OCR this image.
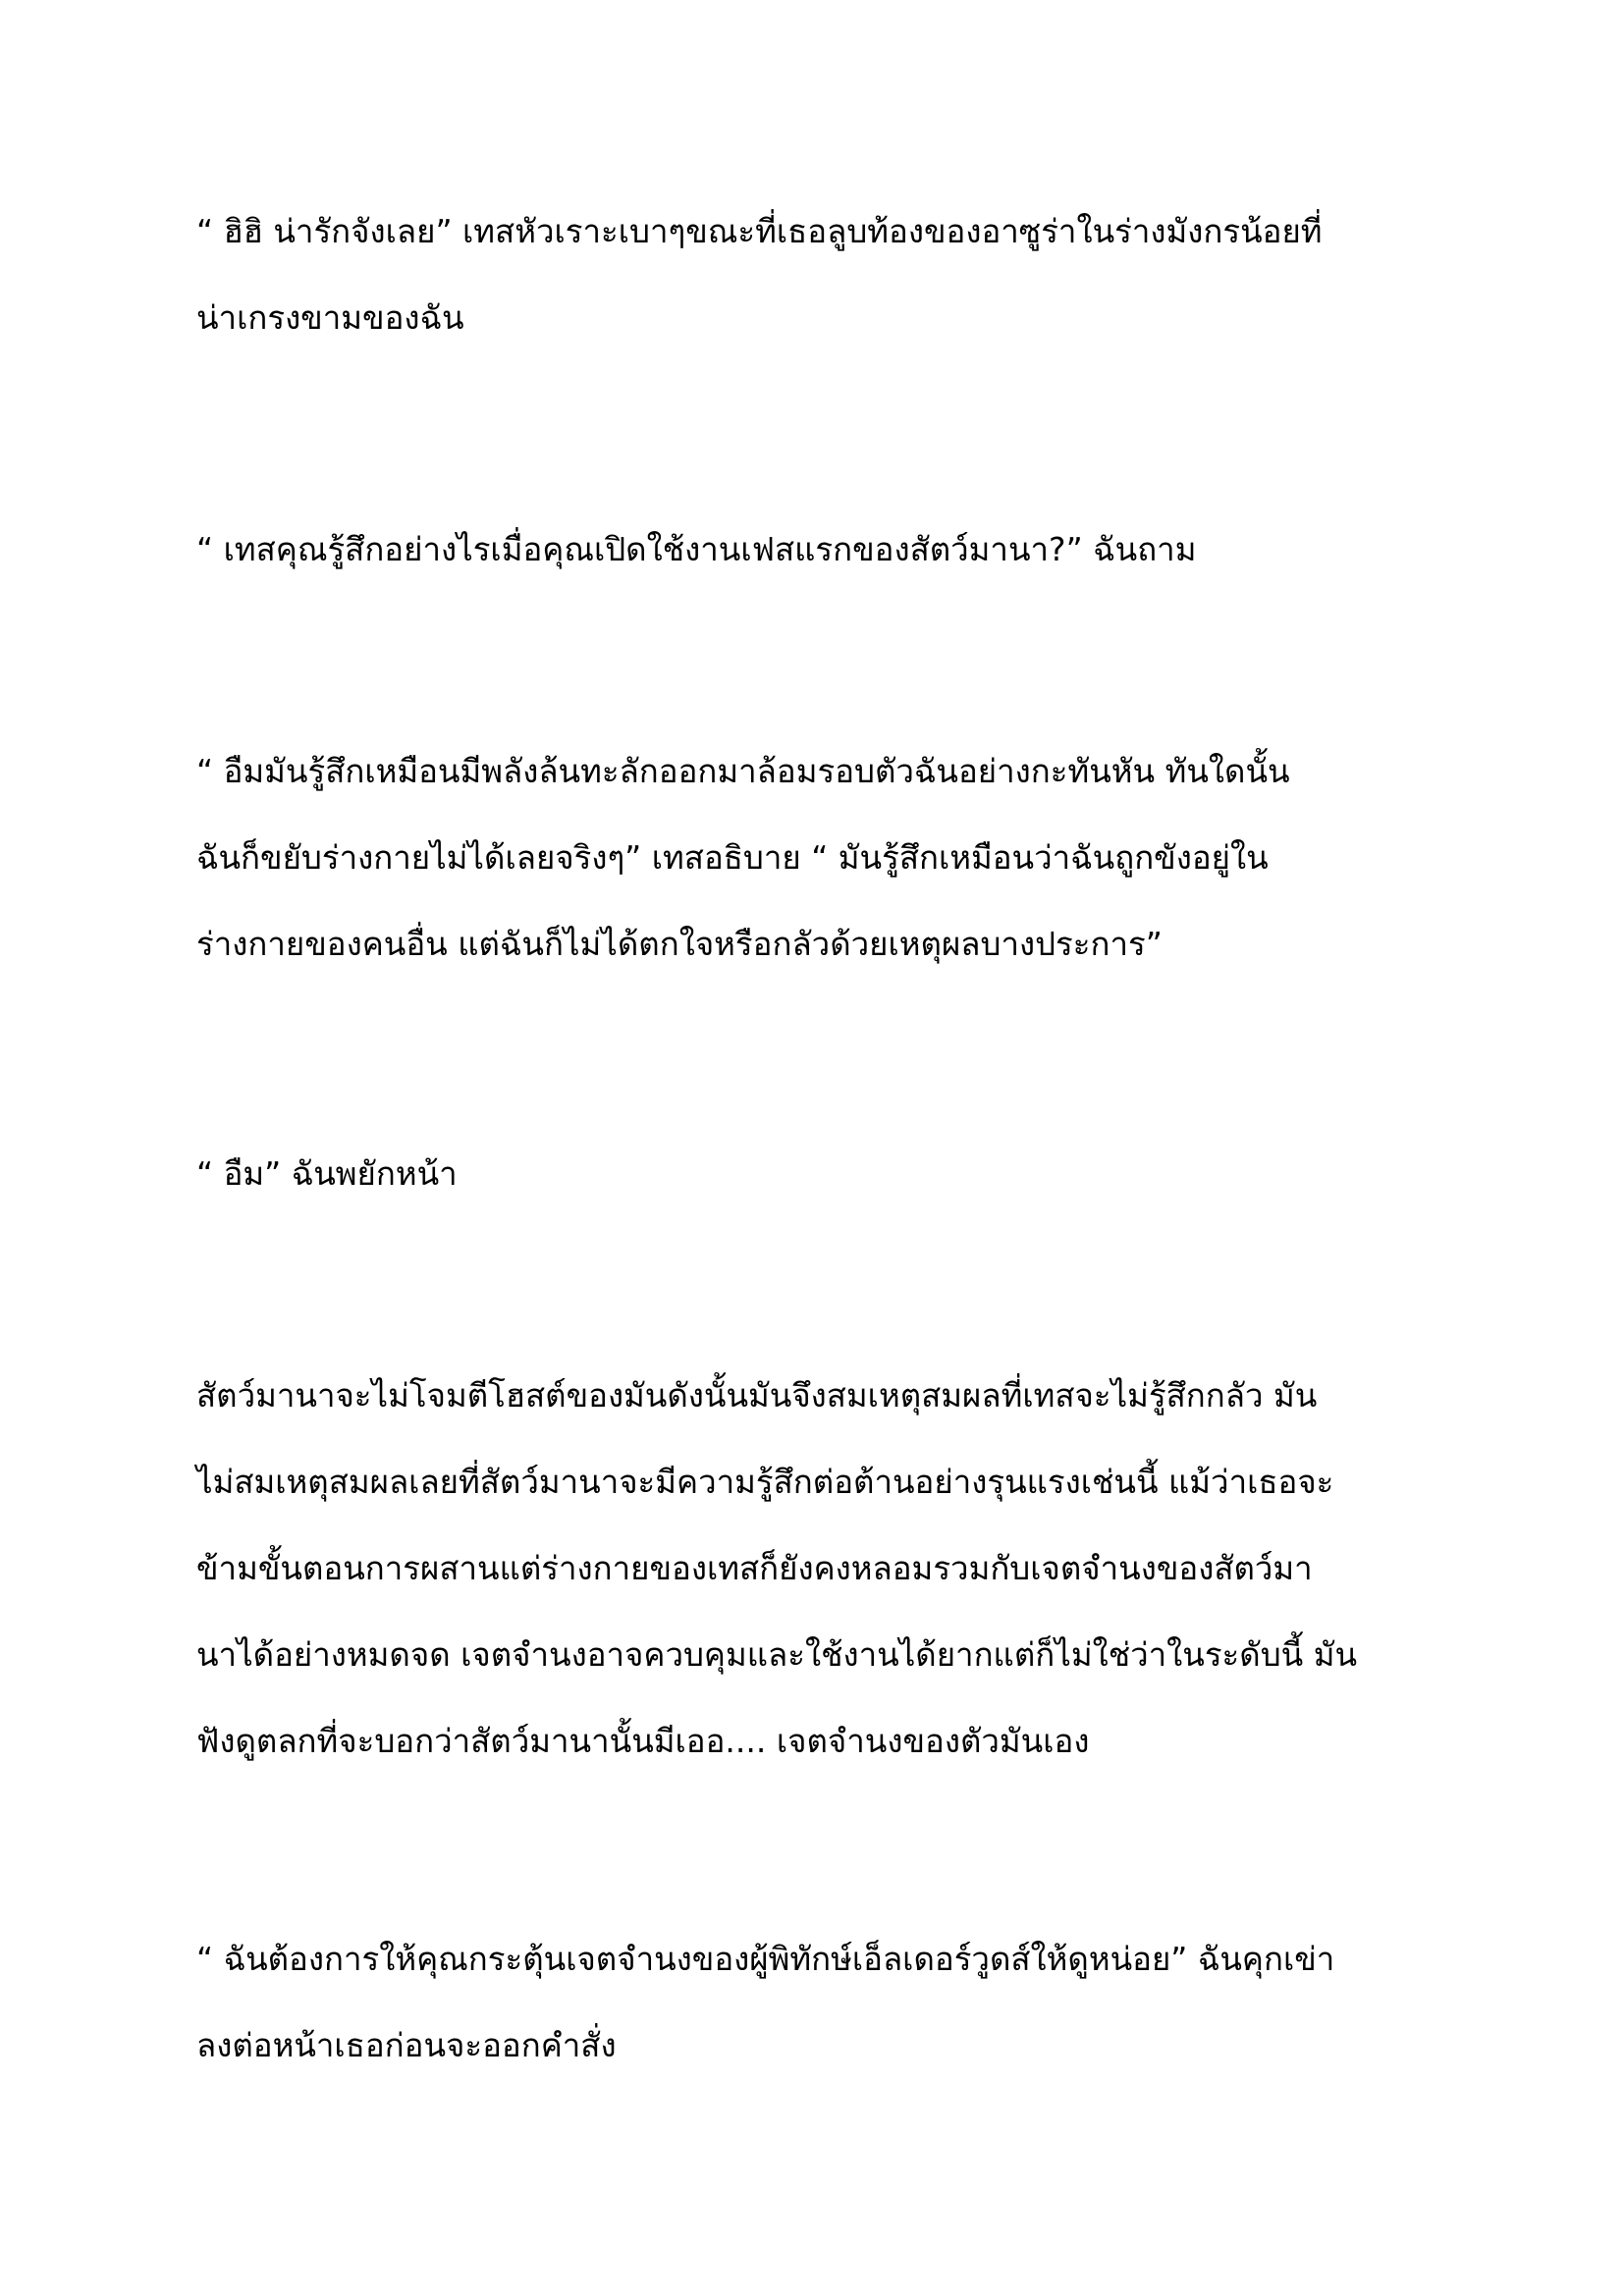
“ ฮิฮิ น่ารักจังเลย” เทสหัวเราะเบาๆขณะที่เธอลูบท้องของอาซูร่าในร่างมังกรน้อยที่
น่าเกรงขามของฉัน
“ เทสคุณรู้สึกอย่างไรเมื่อคุณเปิดใช้งานเฟสแรกของสัตว์มานา?” ฉันถาม
“ อืมมันรู้สึกเหมือนมีพลังล้นทะลักออกมาล้อมรอบตัวฉันอย่างกะทันหัน ทันใดนั้น
ฉันก็ขยับร่างกายไม่ได้เลยจริงๆ” เทสอธิบาย “ มันรู้สึกเหมือนว่าฉันถูกขังอยู่ใน
ร่างกายของคนอื่น แต่ฉันก็ไม่ได้ตกใจหรือกลัวด้วยเหตุผลบางประการ”
“ อืม” ฉันพยักหน้า
สัตว์มานาจะไม่โจมตีโฮสต์ของมันดังนั้นมันจึงสมเหตุสมผลที่เทสจะไม่รู้สึกกลัว มัน
ไม่สมเหตุสมผลเลยที่สัตว์มานาจะมีความรู้สึกต่อต้านอย่างรุนแรงเช่นนี้ แม้ว่าเธอจะ
ข้ามขั้นตอนการผสานแต่ร่างกายของเทสก็ยังคงหลอมรวมกับเจตจำนงของสัตว์มา
นาได้อย่างหมดจด เจตจำนงอาจควบคุมและใช้งานได้ยากแต่ก็ไม่ใช่ว่าในระดับนี้ มัน
ฟังดูตลกที่จะบอกว่าสัตว์มานานั้นมีเออ.... เจตจำนงของตัวมันเอง
“ ฉันต้องการให้คุณกระตุ้นเจตจำนงของผู้พิทักษ์เอ็ลเดอร์วูดส์ให้ดูหน่อย” ฉันคุกเข่า
ลงต่อหน้าเธอก่อนจะออกคำสั่ง
